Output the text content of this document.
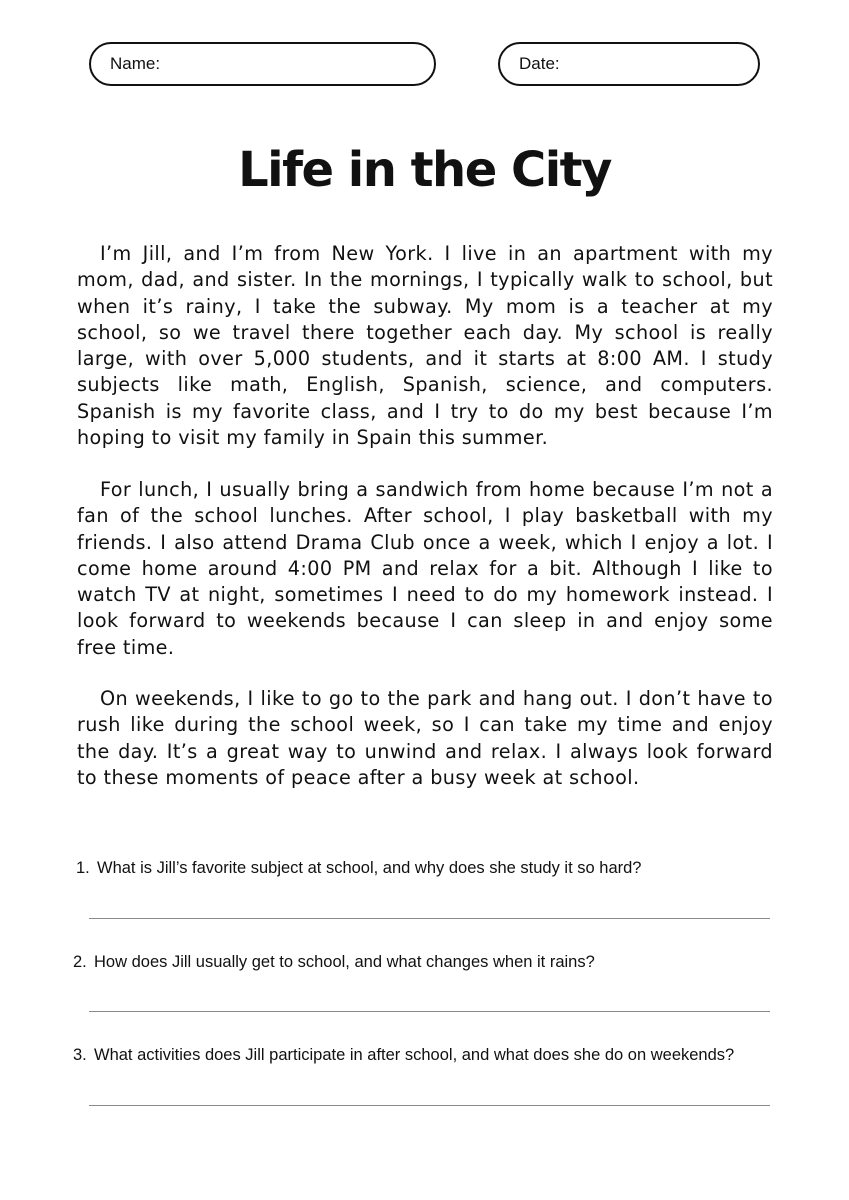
Name:	Date:
Life in the City

I’m Jill, and I’m from New York. I live in an apartment with my mom, dad, and sister. In the mornings, I typically walk to school, but when it’s rainy, I take the subway. My mom is a teacher at my school, so we travel there together each day. My school is really large, with over 5,000 students, and it starts at 8:00 AM. I study subjects like math, English, Spanish, science, and computers. Spanish is my favorite class, and I try to do my best because I’m hoping to visit my family in Spain this summer.

For lunch, I usually bring a sandwich from home because I’m not a fan of the school lunches. After school, I play basketball with my friends. I also attend Drama Club once a week, which I enjoy a lot. I come home around 4:00 PM and relax for a bit. Although I like to watch TV at night, sometimes I need to do my homework instead. I look forward to weekends because I can sleep in and enjoy some free time.

On weekends, I like to go to the park and hang out. I don’t have to rush like during the school week, so I can take my time and enjoy the day. It’s a great way to unwind and relax. I always look forward to these moments of peace after a busy week at school.

1. What is Jill’s favorite subject at school, and why does she study it so hard?
2. How does Jill usually get to school, and what changes when it rains?
3. What activities does Jill participate in after school, and what does she do on weekends?
